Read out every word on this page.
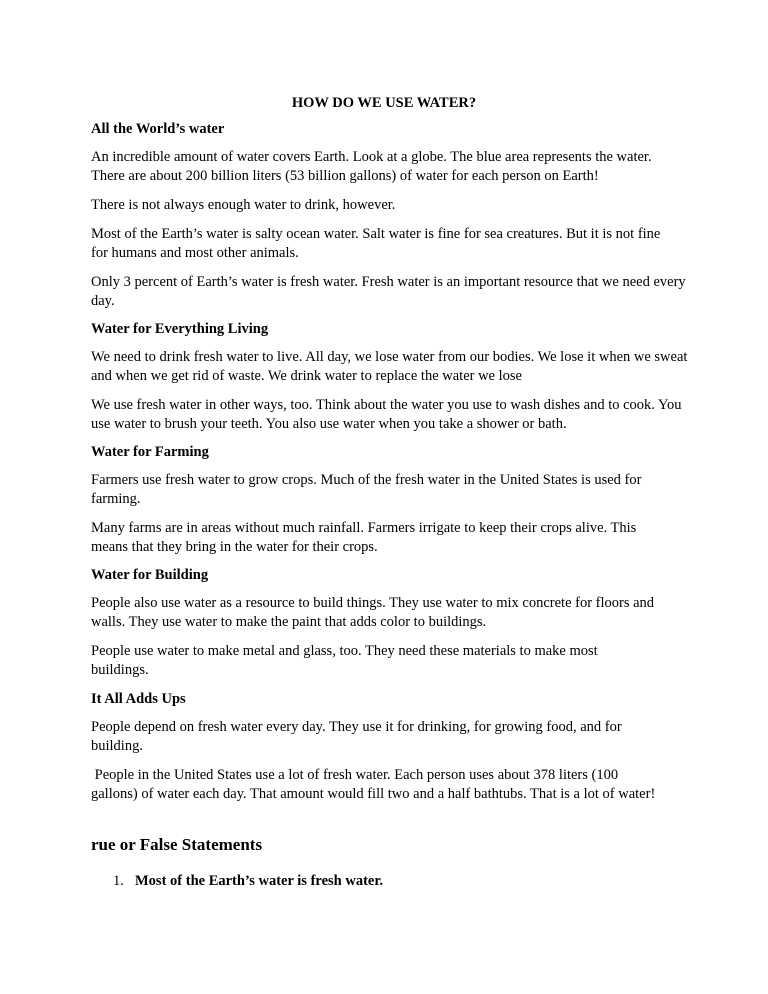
HOW DO WE USE WATER?
All the World’s water

An incredible amount of water covers Earth. Look at a globe. The blue area represents the water. There are about 200 billion liters (53 billion gallons) of water for each person on Earth!

There is not always enough water to drink, however.

Most of the Earth’s water is salty ocean water. Salt water is fine for sea creatures. But it is not fine for humans and most other animals.

Only 3 percent of Earth’s water is fresh water. Fresh water is an important resource that we need every day.

Water for Everything Living

We need to drink fresh water to live. All day, we lose water from our bodies. We lose it when we sweat and when we get rid of waste. We drink water to replace the water we lose

We use fresh water in other ways, too. Think about the water you use to wash dishes and to cook. You use water to brush your teeth. You also use water when you take a shower or bath.

Water for Farming

Farmers use fresh water to grow crops. Much of the fresh water in the United States is used for farming.

Many farms are in areas without much rainfall. Farmers irrigate to keep their crops alive. This means that they bring in the water for their crops.

Water for Building

People also use water as a resource to build things. They use water to mix concrete for floors and walls. They use water to make the paint that adds color to buildings.

People use water to make metal and glass, too. They need these materials to make most buildings.

It All Adds Ups

People depend on fresh water every day. They use it for drinking, for growing food, and for building.

People in the United States use a lot of fresh water. Each person uses about 378 liters (100 gallons) of water each day. That amount would fill two and a half bathtubs. That is a lot of water!

rue or False Statements
1. Most of the Earth’s water is fresh water.
